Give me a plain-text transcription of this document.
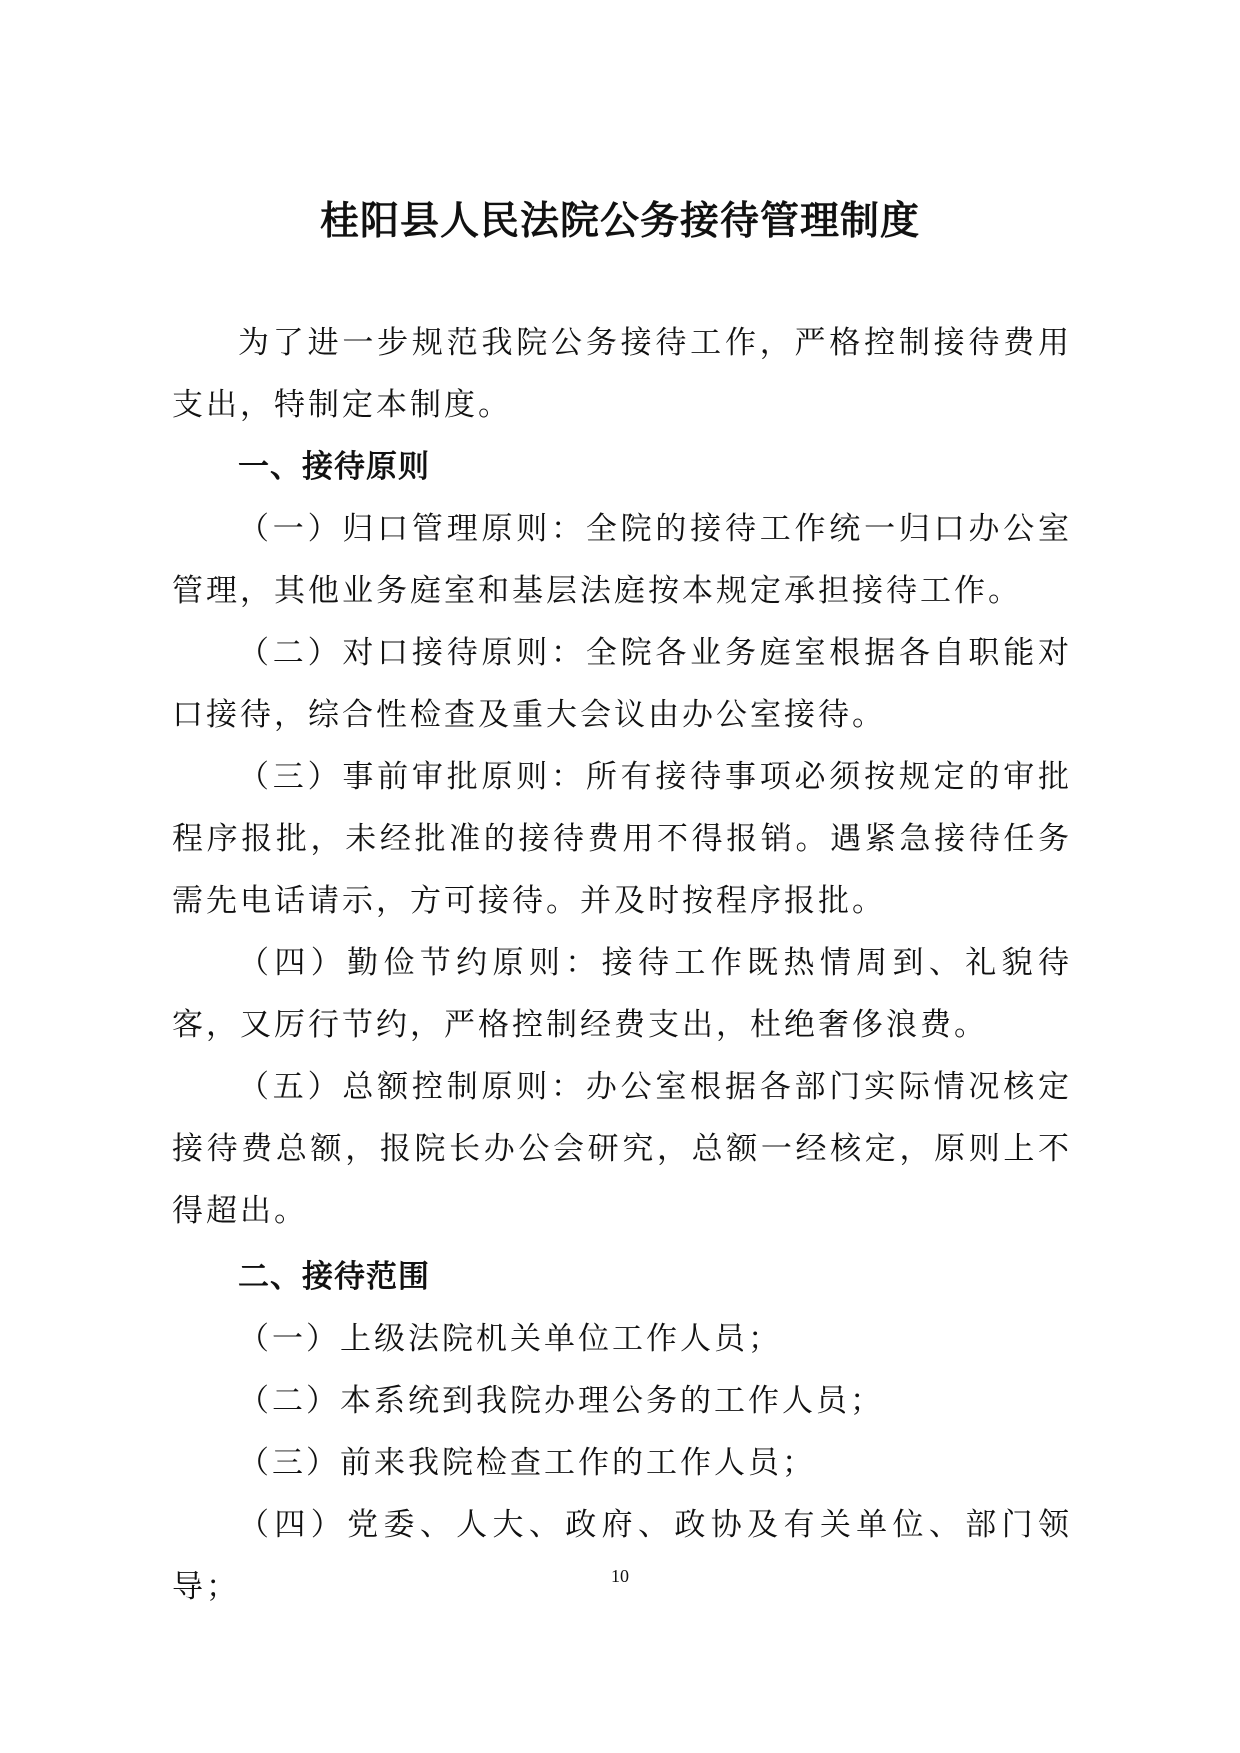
桂阳县人民法院公务接待管理制度

为了进一步规范我院公务接待工作，严格控制接待费用支出，特制定本制度。

一、接待原则

（一）归口管理原则：全院的接待工作统一归口办公室管理，其他业务庭室和基层法庭按本规定承担接待工作。

（二）对口接待原则：全院各业务庭室根据各自职能对口接待，综合性检查及重大会议由办公室接待。

（三）事前审批原则：所有接待事项必须按规定的审批程序报批，未经批准的接待费用不得报销。遇紧急接待任务需先电话请示，方可接待。并及时按程序报批。

（四）勤俭节约原则：接待工作既热情周到、礼貌待客，又厉行节约，严格控制经费支出，杜绝奢侈浪费。

（五）总额控制原则：办公室根据各部门实际情况核定接待费总额，报院长办公会研究，总额一经核定，原则上不得超出。

二、接待范围

（一）上级法院机关单位工作人员；

（二）本系统到我院办理公务的工作人员；

（三）前来我院检查工作的工作人员；

（四）党委、人大、政府、政协及有关单位、部门领导；	10
